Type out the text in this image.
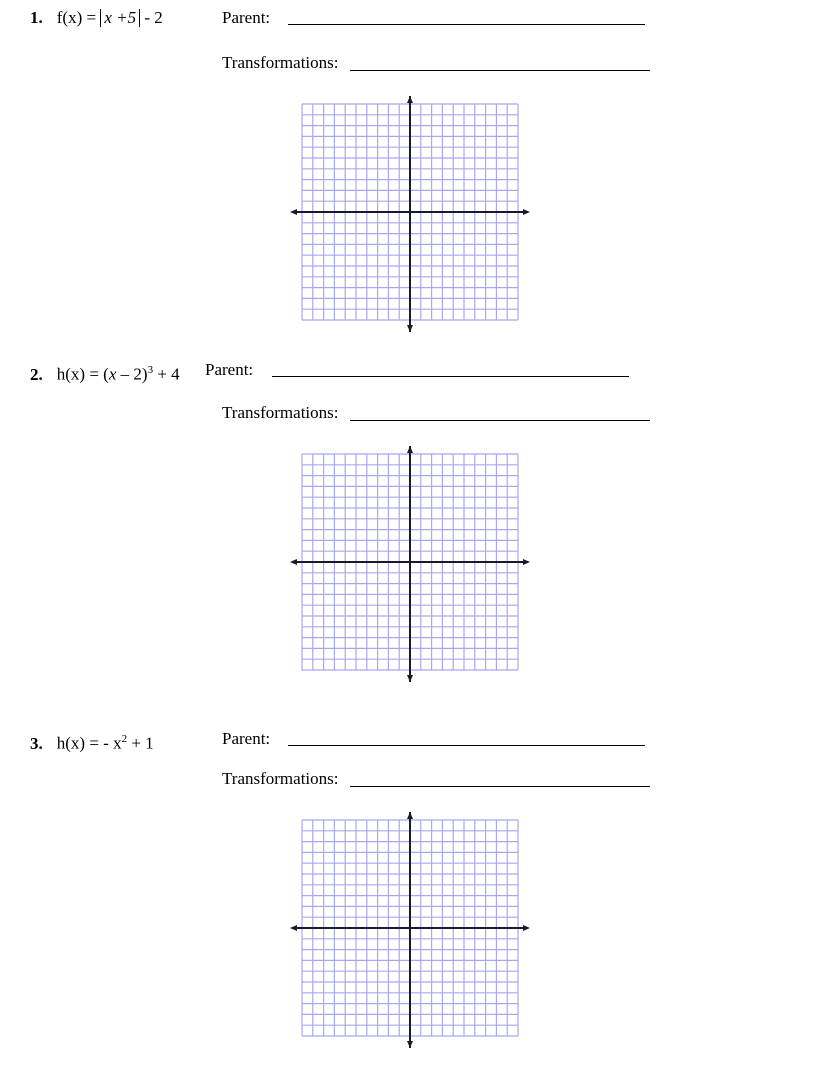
1. f(x) = x +5 - 2	Parent:
Transformations:
2. h(x) = (x – 2)$^3$ + 4 Parent:
Transformations:
3. h(x) = - $x^2 + 1$	Parent:
Transformations:
